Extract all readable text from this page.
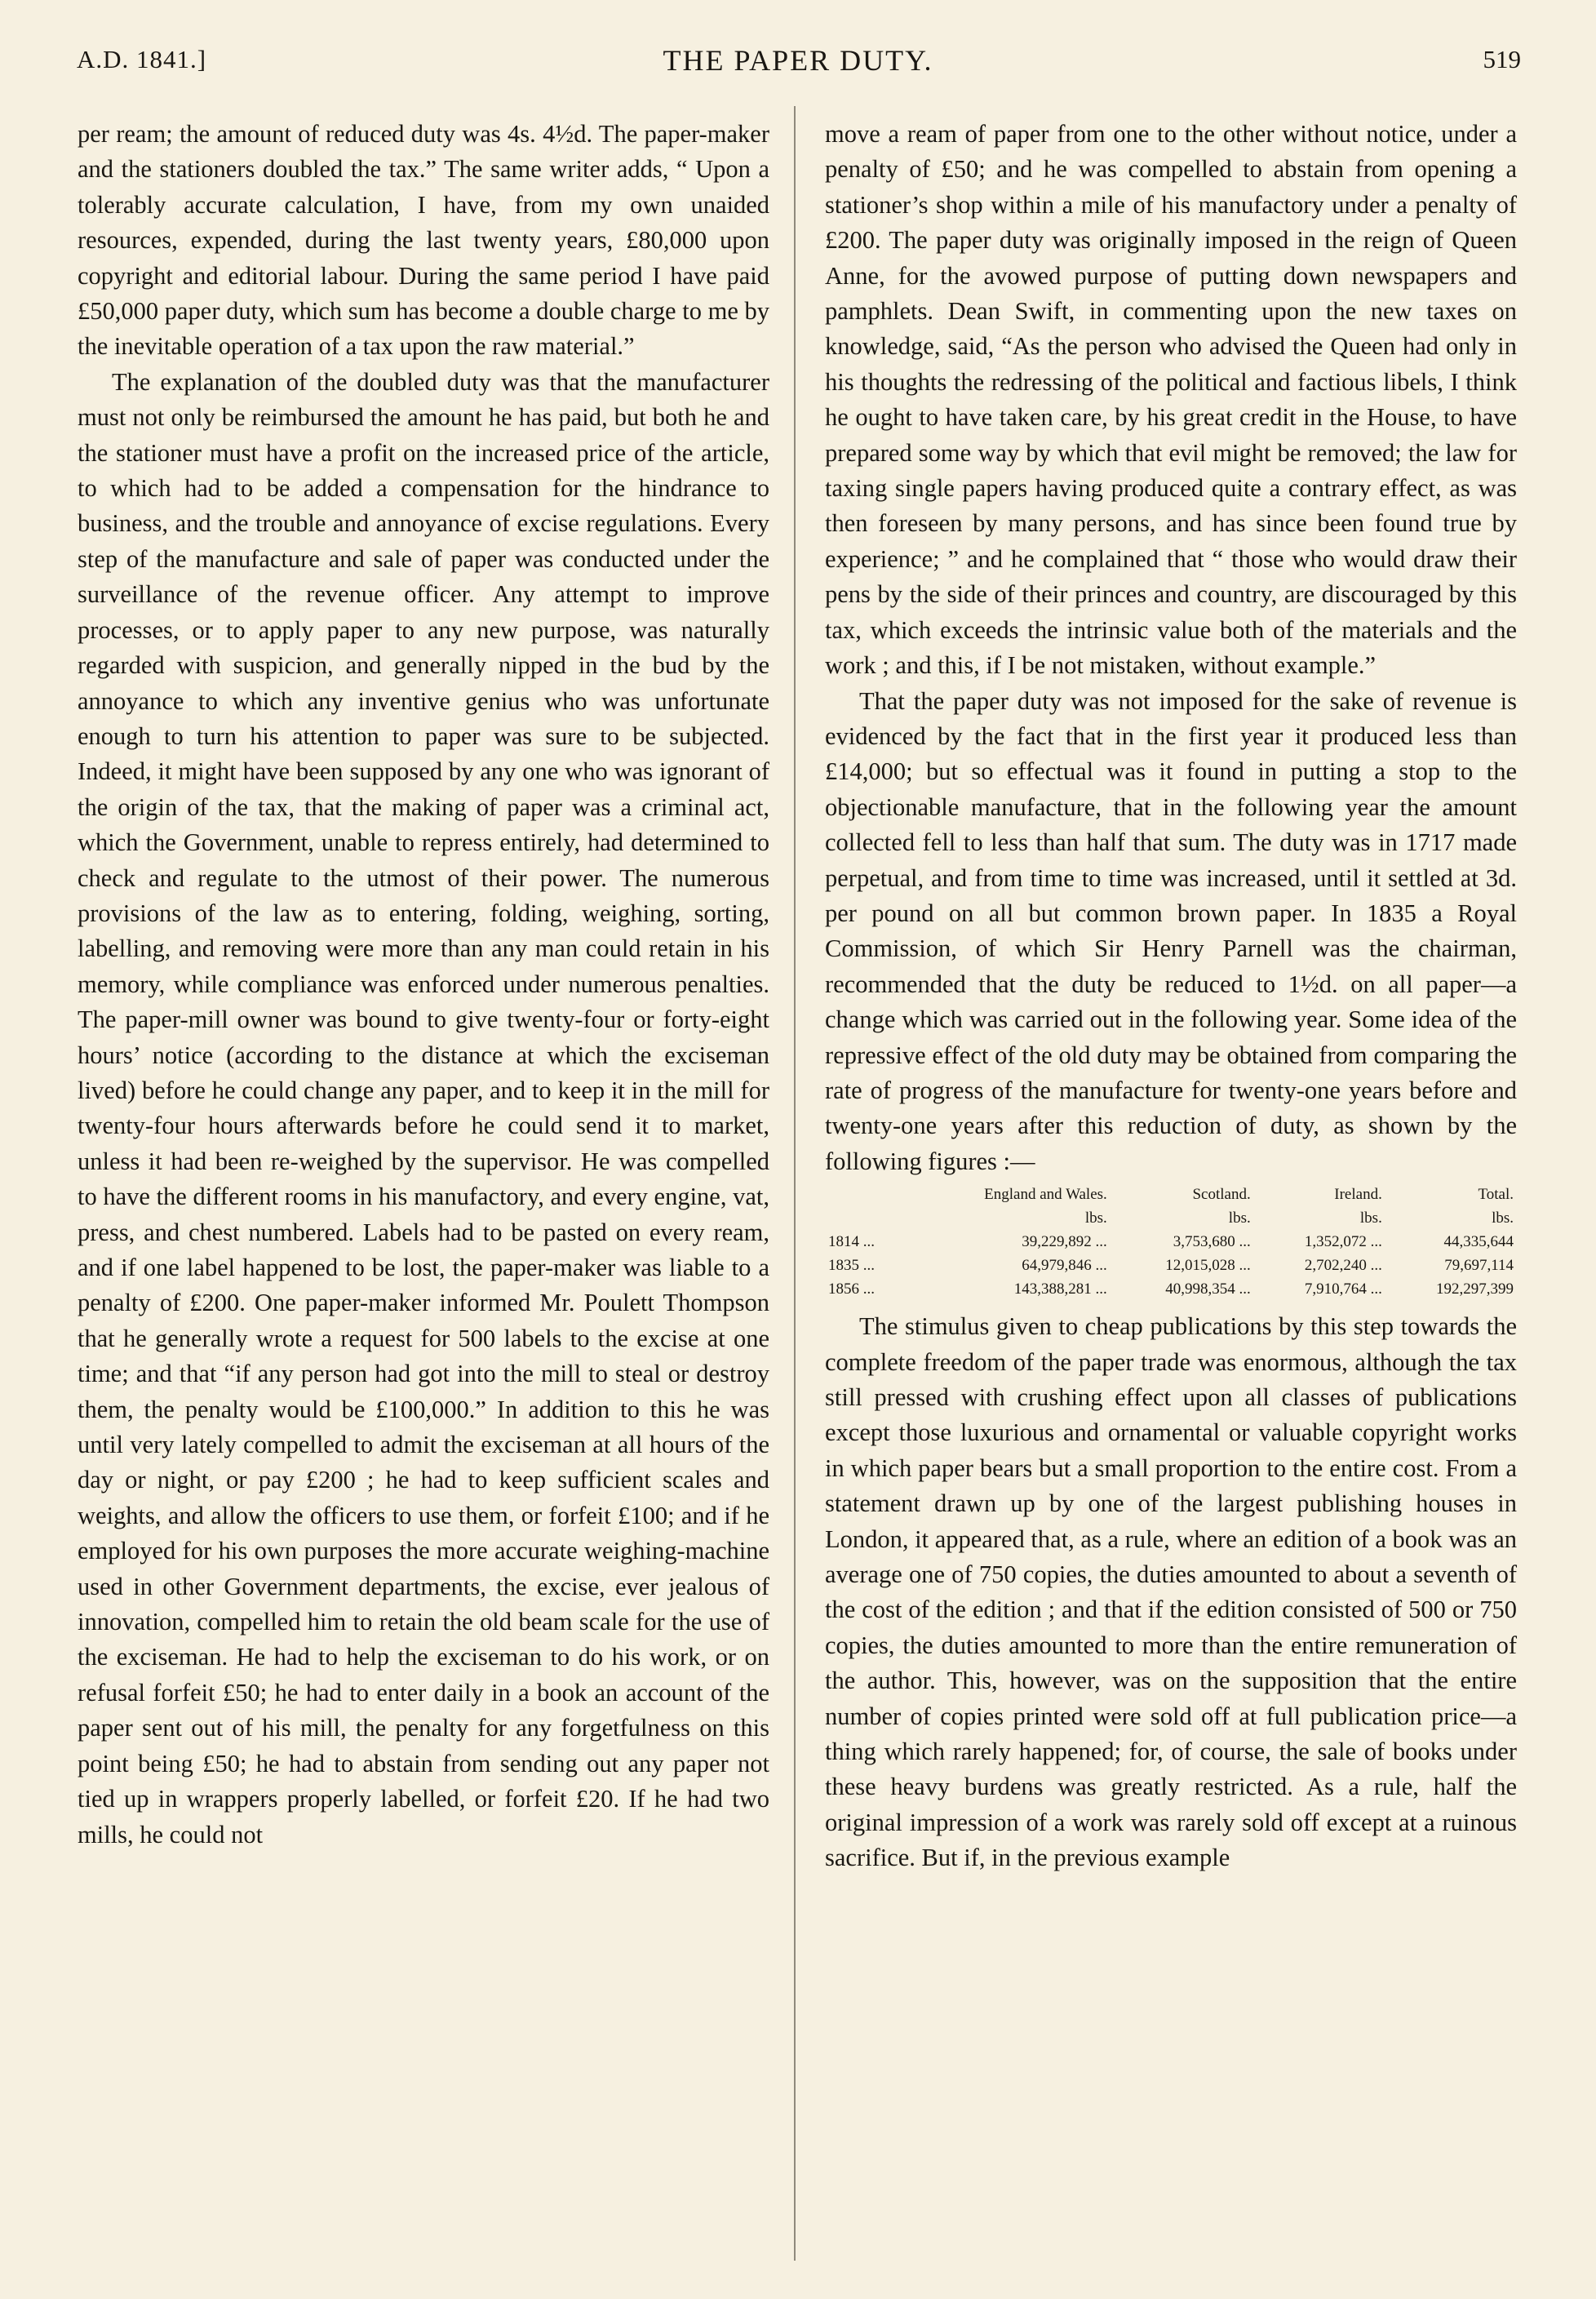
A.D. 1841.]	THE PAPER DUTY.	519

per ream; the amount of reduced duty was 4s. 4½d. The paper-maker and the stationers doubled the tax.” The same writer adds, “ Upon a tolerably accurate calculation, I have, from my own unaided resources, expended, during the last twenty years, £80,000 upon copyright and editorial labour. During the same period I have paid £50,000 paper duty, which sum has become a double charge to me by the inevitable operation of a tax upon the raw material.”

The explanation of the doubled duty was that the manufacturer must not only be reimbursed the amount he has paid, but both he and the stationer must have a profit on the increased price of the article, to which had to be added a compensation for the hindrance to business, and the trouble and annoyance of excise regulations. Every step of the manufacture and sale of paper was conducted under the surveillance of the revenue officer. Any attempt to improve processes, or to apply paper to any new purpose, was naturally regarded with suspicion, and generally nipped in the bud by the annoyance to which any inventive genius who was unfortunate enough to turn his attention to paper was sure to be subjected. Indeed, it might have been supposed by any one who was ignorant of the origin of the tax, that the making of paper was a criminal act, which the Government, unable to repress entirely, had determined to check and regulate to the utmost of their power. The numerous provisions of the law as to entering, folding, weighing, sorting, labelling, and removing were more than any man could retain in his memory, while compliance was enforced under numerous penalties. The paper-mill owner was bound to give twenty-four or forty-eight hours’ notice (according to the distance at which the exciseman lived) before he could change any paper, and to keep it in the mill for twenty-four hours afterwards before he could send it to market, unless it had been re-weighed by the supervisor. He was compelled to have the different rooms in his manufactory, and every engine, vat, press, and chest numbered. Labels had to be pasted on every ream, and if one label happened to be lost, the paper-maker was liable to a penalty of £200. One paper-maker informed Mr. Poulett Thompson that he generally wrote a request for 500 labels to the excise at one time; and that “if any person had got into the mill to steal or destroy them, the penalty would be £100,000.” In addition to this he was until very lately compelled to admit the exciseman at all hours of the day or night, or pay £200 ; he had to keep sufficient scales and weights, and allow the officers to use them, or forfeit £100; and if he employed for his own purposes the more accurate weighing-machine used in other Government departments, the excise, ever jealous of innovation, compelled him to retain the old beam scale for the use of the exciseman. He had to help the exciseman to do his work, or on refusal forfeit £50; he had to enter daily in a book an account of the paper sent out of his mill, the penalty for any forgetfulness on this point being £50; he had to abstain from sending out any paper not tied up in wrappers properly labelled, or forfeit £20. If he had two mills, he could not

move a ream of paper from one to the other without notice, under a penalty of £50; and he was compelled to abstain from opening a stationer’s shop within a mile of his manufactory under a penalty of £200. The paper duty was originally imposed in the reign of Queen Anne, for the avowed purpose of putting down newspapers and pamphlets. Dean Swift, in commenting upon the new taxes on knowledge, said, “As the person who advised the Queen had only in his thoughts the redressing of the political and factious libels, I think he ought to have taken care, by his great credit in the House, to have prepared some way by which that evil might be removed; the law for taxing single papers having produced quite a contrary effect, as was then foreseen by many persons, and has since been found true by experience; ” and he complained that “ those who would draw their pens by the side of their princes and country, are discouraged by this tax, which exceeds the intrinsic value both of the materials and the work ; and this, if I be not mistaken, without example.”

That the paper duty was not imposed for the sake of revenue is evidenced by the fact that in the first year it produced less than £14,000; but so effectual was it found in putting a stop to the objectionable manufacture, that in the following year the amount collected fell to less than half that sum. The duty was in 1717 made perpetual, and from time to time was increased, until it settled at 3d. per pound on all but common brown paper. In 1835 a Royal Commission, of which Sir Henry Parnell was the chairman, recommended that the duty be reduced to 1½d. on all paper—a change which was carried out in the following year. Some idea of the repressive effect of the old duty may be obtained from comparing the rate of progress of the manufacture for twenty-one years before and twenty-one years after this reduction of duty, as shown by the following figures :—

	England and Wales.	Scotland.	Ireland.	Total.
	lbs.	lbs.	lbs.	lbs.
1814 ...	39,229,892 ...	3,753,680 ...	1,352,072 ...	44,335,644
1835 ...	64,979,846 ...	12,015,028 ...	2,702,240 ...	79,697,114
1856 ...	143,388,281 ...	40,998,354 ...	7,910,764 ...	192,297,399

The stimulus given to cheap publications by this step towards the complete freedom of the paper trade was enormous, although the tax still pressed with crushing effect upon all classes of publications except those luxurious and ornamental or valuable copyright works in which paper bears but a small proportion to the entire cost. From a statement drawn up by one of the largest publishing houses in London, it appeared that, as a rule, where an edition of a book was an average one of 750 copies, the duties amounted to about a seventh of the cost of the edition ; and that if the edition consisted of 500 or 750 copies, the duties amounted to more than the entire remuneration of the author. This, however, was on the supposition that the entire number of copies printed were sold off at full publication price—a thing which rarely happened; for, of course, the sale of books under these heavy burdens was greatly restricted. As a rule, half the original impression of a work was rarely sold off except at a ruinous sacrifice. But if, in the previous example
